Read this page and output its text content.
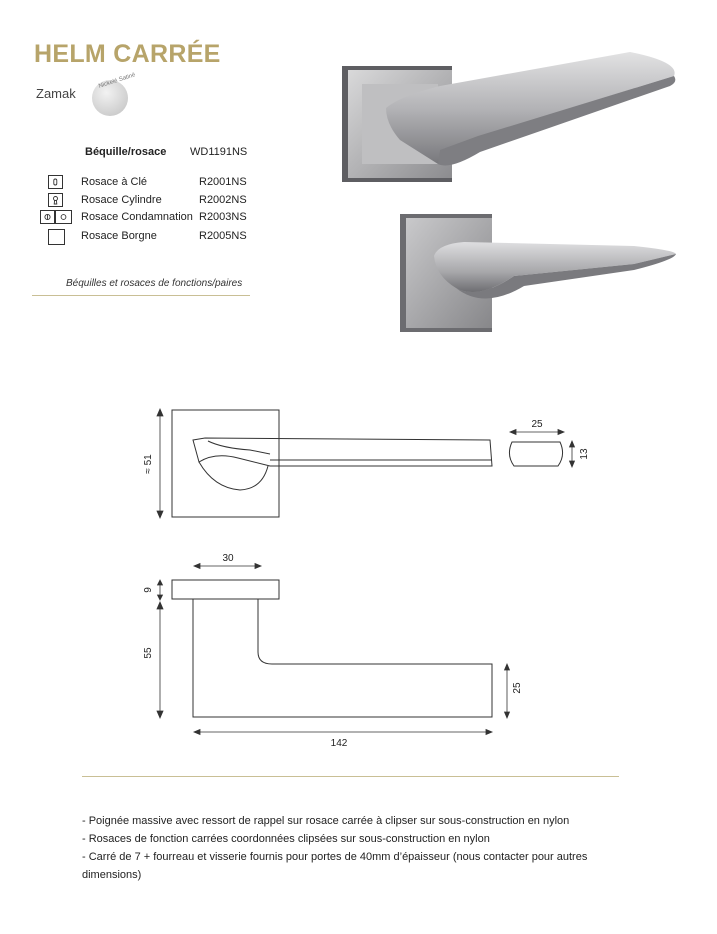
HELM CARRÉE
Zamak
Nickelé Satiné
Béquille/rosace WD1191NS
Rosace à Clé	R2001NS
Rosace Cylindre	R2002NS
Rosace Condamnation R2003NS
Rosace Borgne	R2005NS
Béquilles et rosaces de fonctions/paires
≈ 51
25
13
30
9
55
25
142
- Poignée massive avec ressort de rappel sur rosace carrée à clipser sur sous-construction en nylon
- Rosaces de fonction carrées coordonnées clipsées sur sous-construction en nylon
- Carré de 7 + fourreau et visserie fournis pour portes de 40mm d’épaisseur (nous contacter pour autres dimensions)
